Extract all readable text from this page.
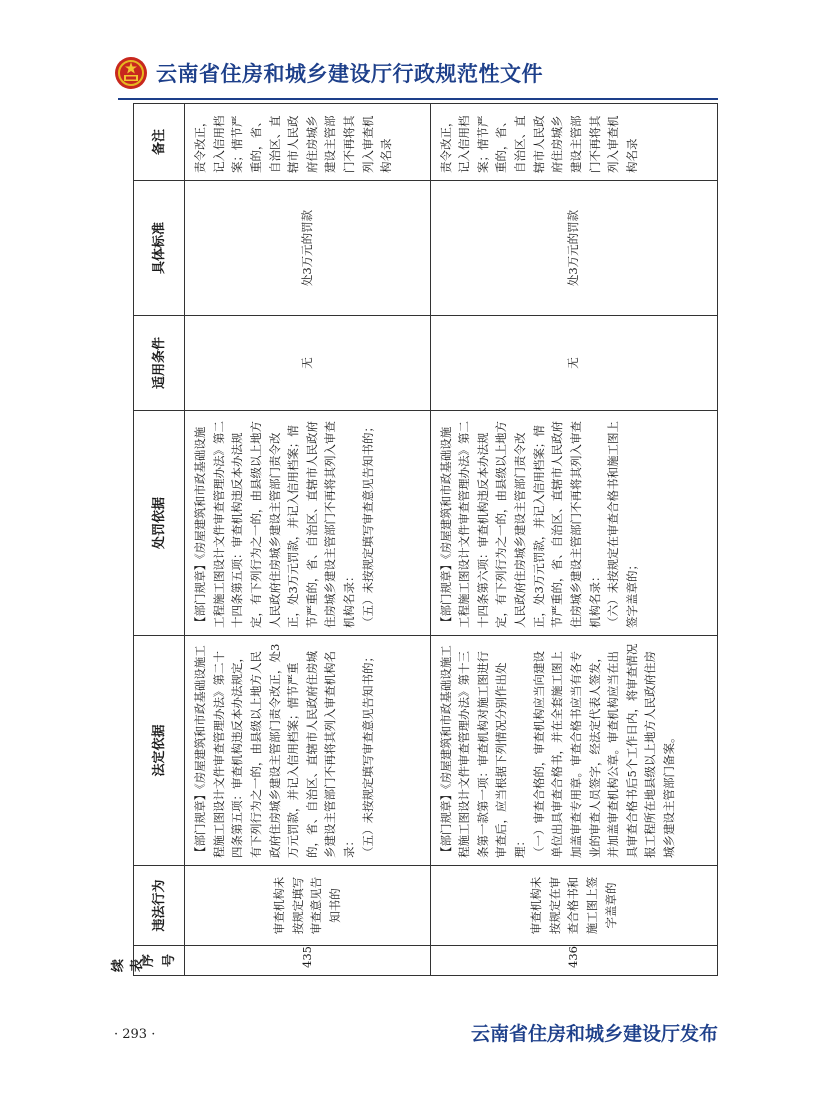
云南省住房和城乡建设厅行政规范性文件
续表
序号	违法行为	法定依据	处罚依据	适用条件	具体标准	备注
435	审查机构未按规定填写审查意见告知书的	【部门规章】《房屋建筑和市政基础设施工程施工图设计文件审查管理办法》第二十四条第五项：审查机构违反本办法规定，有下列行为之一的，由县级以上地方人民政府住房城乡建设主管部门责令改正，处3万元罚款，并记入信用档案；情节严重的，省、自治区、直辖市人民政府住房城乡建设主管部门不再将其列入审查机构名录：
（五）未按规定填写审查意见告知书的；	【部门规章】《房屋建筑和市政基础设施工程施工图设计文件审查管理办法》第二十四条第五项：审查机构违反本办法规定，有下列行为之一的，由县级以上地方人民政府住房城乡建设主管部门责令改正，处3万元罚款，并记入信用档案；情节严重的，省、自治区、直辖市人民政府住房城乡建设主管部门不再将其列入审查机构名录：
（五）未按规定填写审查意见告知书的；	无	处3万元的罚款	责令改正，记入信用档案；情节严重的，省、自治区、直辖市人民政府住房城乡建设主管部门不再将其列入审查机构名录

436	审查机构未按规定在审查合格书和施工图上签字盖章的	【部门规章】《房屋建筑和市政基础设施工程施工图设计文件审查管理办法》第十三条第一款第一项：审查机构对施工图进行审查后，应当根据下列情况分别作出处理：
（一）审查合格的，审查机构应当向建设单位出具审查合格书，并在全套施工图上加盖审查专用章。审查合格书应当有各专业的审查人员签字，经法定代表人签发，并加盖审查机构公章。审查机构应当在出具审查合格书后5个工作日内，将审查情况报工程所在地县级以上地方人民政府住房城乡建设主管部门备案。	【部门规章】《房屋建筑和市政基础设施工程施工图设计文件审查管理办法》第二十四条第六项：审查机构违反本办法规定，有下列行为之一的，由县级以上地方人民政府住房城乡建设主管部门责令改正，处3万元罚款，并记入信用档案；情节严重的，省、自治区、直辖市人民政府住房城乡建设主管部门不再将其列入审查机构名录：
（六）未按规定在审查合格书和施工图上签字盖章的；	无	处3万元的罚款	责令改正，记入信用档案；情节严重的，省、自治区、直辖市人民政府住房城乡建设主管部门不再将其列入审查机构名录
· 293 ·	云南省住房和城乡建设厅发布
